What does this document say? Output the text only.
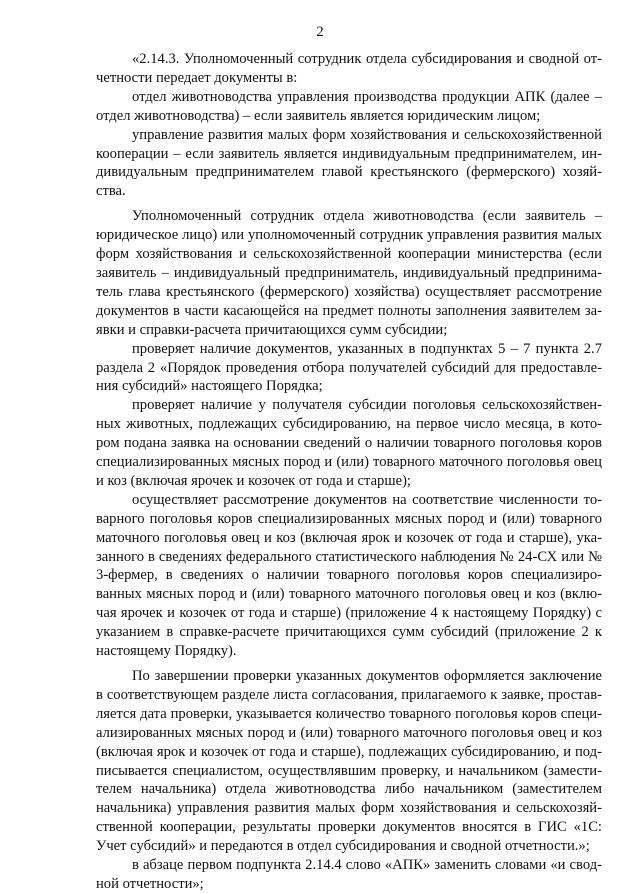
2

«2.14.3. Уполномоченный сотрудник отдела субсидирования и сводной отчетности передает документы в:

отдел животноводства управления производства продукции АПК (далее – отдел животноводства) – если заявитель является юридическим лицом;

управление развития малых форм хозяйствования и сельскохозяйственной кооперации – если заявитель является индивидуальным предпринимателем, индивидуальным предпринимателем главой крестьянского (фермерского) хозяйства.

Уполномоченный сотрудник отдела животноводства (если заявитель – юридическое лицо) или уполномоченный сотрудник управления развития малых форм хозяйствования и сельскохозяйственной кооперации министерства (если заявитель – индивидуальный предприниматель, индивидуальный предприниматель глава крестьянского (фермерского) хозяйства) осуществляет рассмотрение документов в части касающейся на предмет полноты заполнения заявителем заявки и справки-расчета причитающихся сумм субсидии;

проверяет наличие документов, указанных в подпунктах 5 – 7 пункта 2.7 раздела 2 «Порядок проведения отбора получателей субсидий для предоставления субсидий» настоящего Порядка;

проверяет наличие у получателя субсидии поголовья сельскохозяйственных животных, подлежащих субсидированию, на первое число месяца, в котором подана заявка на основании сведений о наличии товарного поголовья коров специализированных мясных пород и (или) товарного маточного поголовья овец и коз (включая ярочек и козочек от года и старше);

осуществляет рассмотрение документов на соответствие численности товарного поголовья коров специализированных мясных пород и (или) товарного маточного поголовья овец и коз (включая ярок и козочек от года и старше), указанного в сведениях федерального статистического наблюдения № 24-СХ или № 3-фермер, в сведениях о наличии товарного поголовья коров специализированных мясных пород и (или) товарного маточного поголовья овец и коз (включая ярочек и козочек от года и старше) (приложение 4 к настоящему Порядку) с указанием в справке-расчете причитающихся сумм субсидий (приложение 2 к настоящему Порядку).

По завершении проверки указанных документов оформляется заключение в соответствующем разделе листа согласования, прилагаемого к заявке, проставляется дата проверки, указывается количество товарного поголовья коров специализированных мясных пород и (или) товарного маточного поголовья овец и коз (включая ярок и козочек от года и старше), подлежащих субсидированию, и подписывается специалистом, осуществлявшим проверку, и начальником (заместителем начальника) отдела животноводства либо начальником (заместителем начальника) управления развития малых форм хозяйствования и сельскохозяйственной кооперации, результаты проверки документов вносятся в ГИС «1С: Учет субсидий» и передаются в отдел субсидирования и сводной отчетности.»;

в абзаце первом подпункта 2.14.4 слово «АПК» заменить словами «и сводной отчетности»;
